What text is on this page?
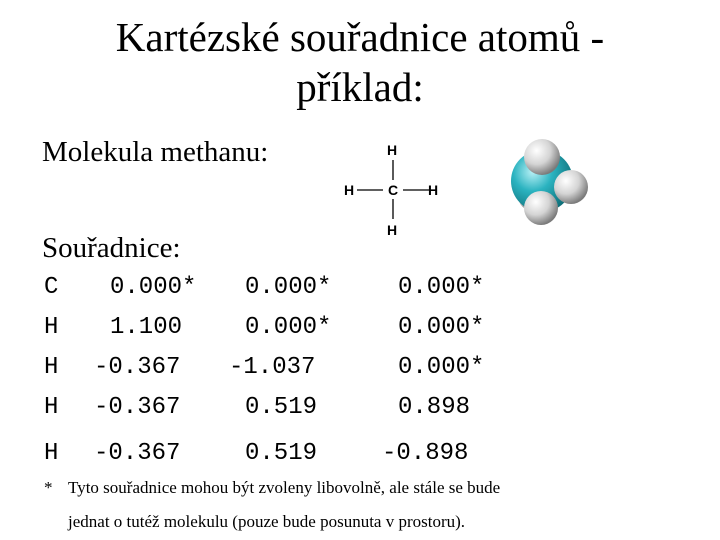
Kartézské souřadnice atomů -
příklad:
Molekula methanu:	H
C
H
H	H
Souřadnice:
C 0.000* 0.000*	0.000*
H 1.100	0.000*	0.000*
H -0.367 -1.037	0.000*
H -0.367	0.519	0.898
H -0.367	0.519	-0.898
* Tyto souřadnice mohou být zvoleny libovolně, ale stále se bude
jednat o tutéž molekulu (pouze bude posunuta v prostoru).
